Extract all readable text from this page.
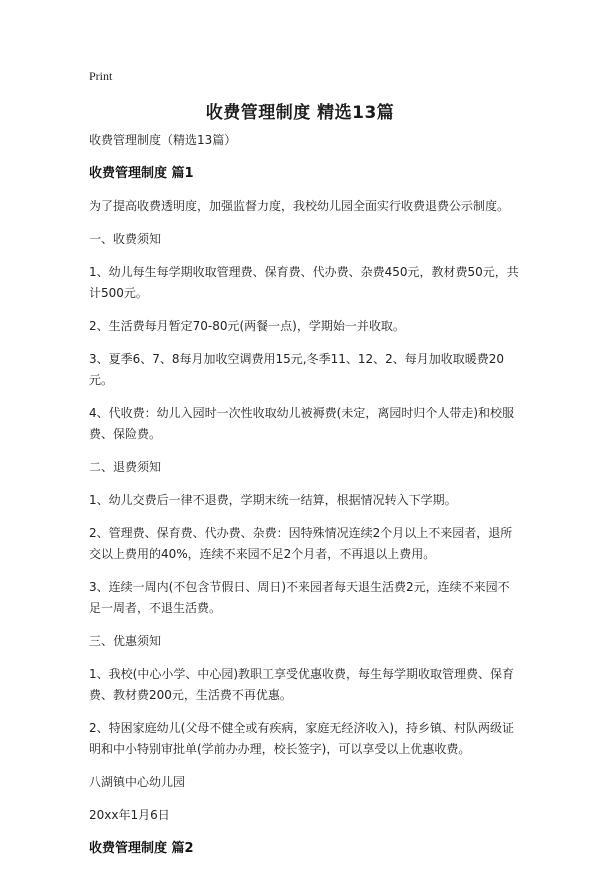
Print
收费管理制度 精选13篇

收费管理制度（精选13篇）

收费管理制度 篇1

为了提高收费透明度，加强监督力度，我校幼儿园全面实行收费退费公示制度。

一、收费须知

1、幼儿每生每学期收取管理费、保育费、代办费、杂费450元，教材费50元，共计500元。

2、生活费每月暂定70-80元(两餐一点)，学期始一并收取。

3、夏季6、7、8每月加收空调费用15元,冬季11、12、2、每月加收取暖费20元。

4、代收费：幼儿入园时一次性收取幼儿被褥费(未定，离园时归个人带走)和校服费、保险费。

二、退费须知

1、幼儿交费后一律不退费，学期末统一结算，根据情况转入下学期。

2、管理费、保育费、代办费、杂费：因特殊情况连续2个月以上不来园者，退所交以上费用的40%，连续不来园不足2个月者，不再退以上费用。

3、连续一周内(不包含节假日、周日)不来园者每天退生活费2元，连续不来园不足一周者，不退生活费。

三、优惠须知

1、我校(中心小学、中心园)教职工享受优惠收费，每生每学期收取管理费、保育费、教材费200元，生活费不再优惠。

2、特困家庭幼儿(父母不健全或有疾病，家庭无经济收入)，持乡镇、村队两级证明和中小特别审批单(学前办办理，校长签字)，可以享受以上优惠收费。

八湖镇中心幼儿园

20xx年1月6日

收费管理制度 篇2
